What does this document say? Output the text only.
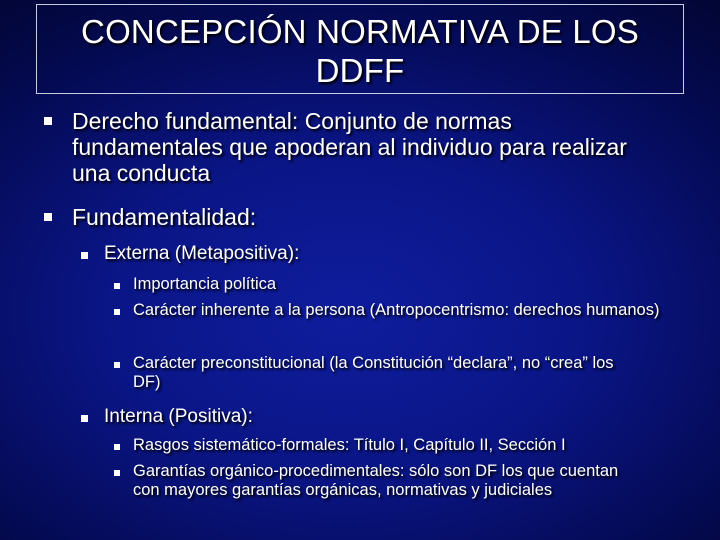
CONCEPCIÓN NORMATIVA DE LOS DDFF
Derecho fundamental: Conjunto de normas fundamentales que apoderan al individuo para realizar una conducta
Fundamentalidad:
Externa (Metapositiva):
Importancia política
Carácter inherente a la persona (Antropocentrismo: derechos humanos)
Carácter preconstitucional (la Constitución “declara”, no “crea” los DF)
Interna (Positiva):
Rasgos sistemático-formales: Título I, Capítulo II, Sección I
Garantías orgánico-procedimentales: sólo son DF los que cuentan con mayores garantías orgánicas, normativas y judiciales
